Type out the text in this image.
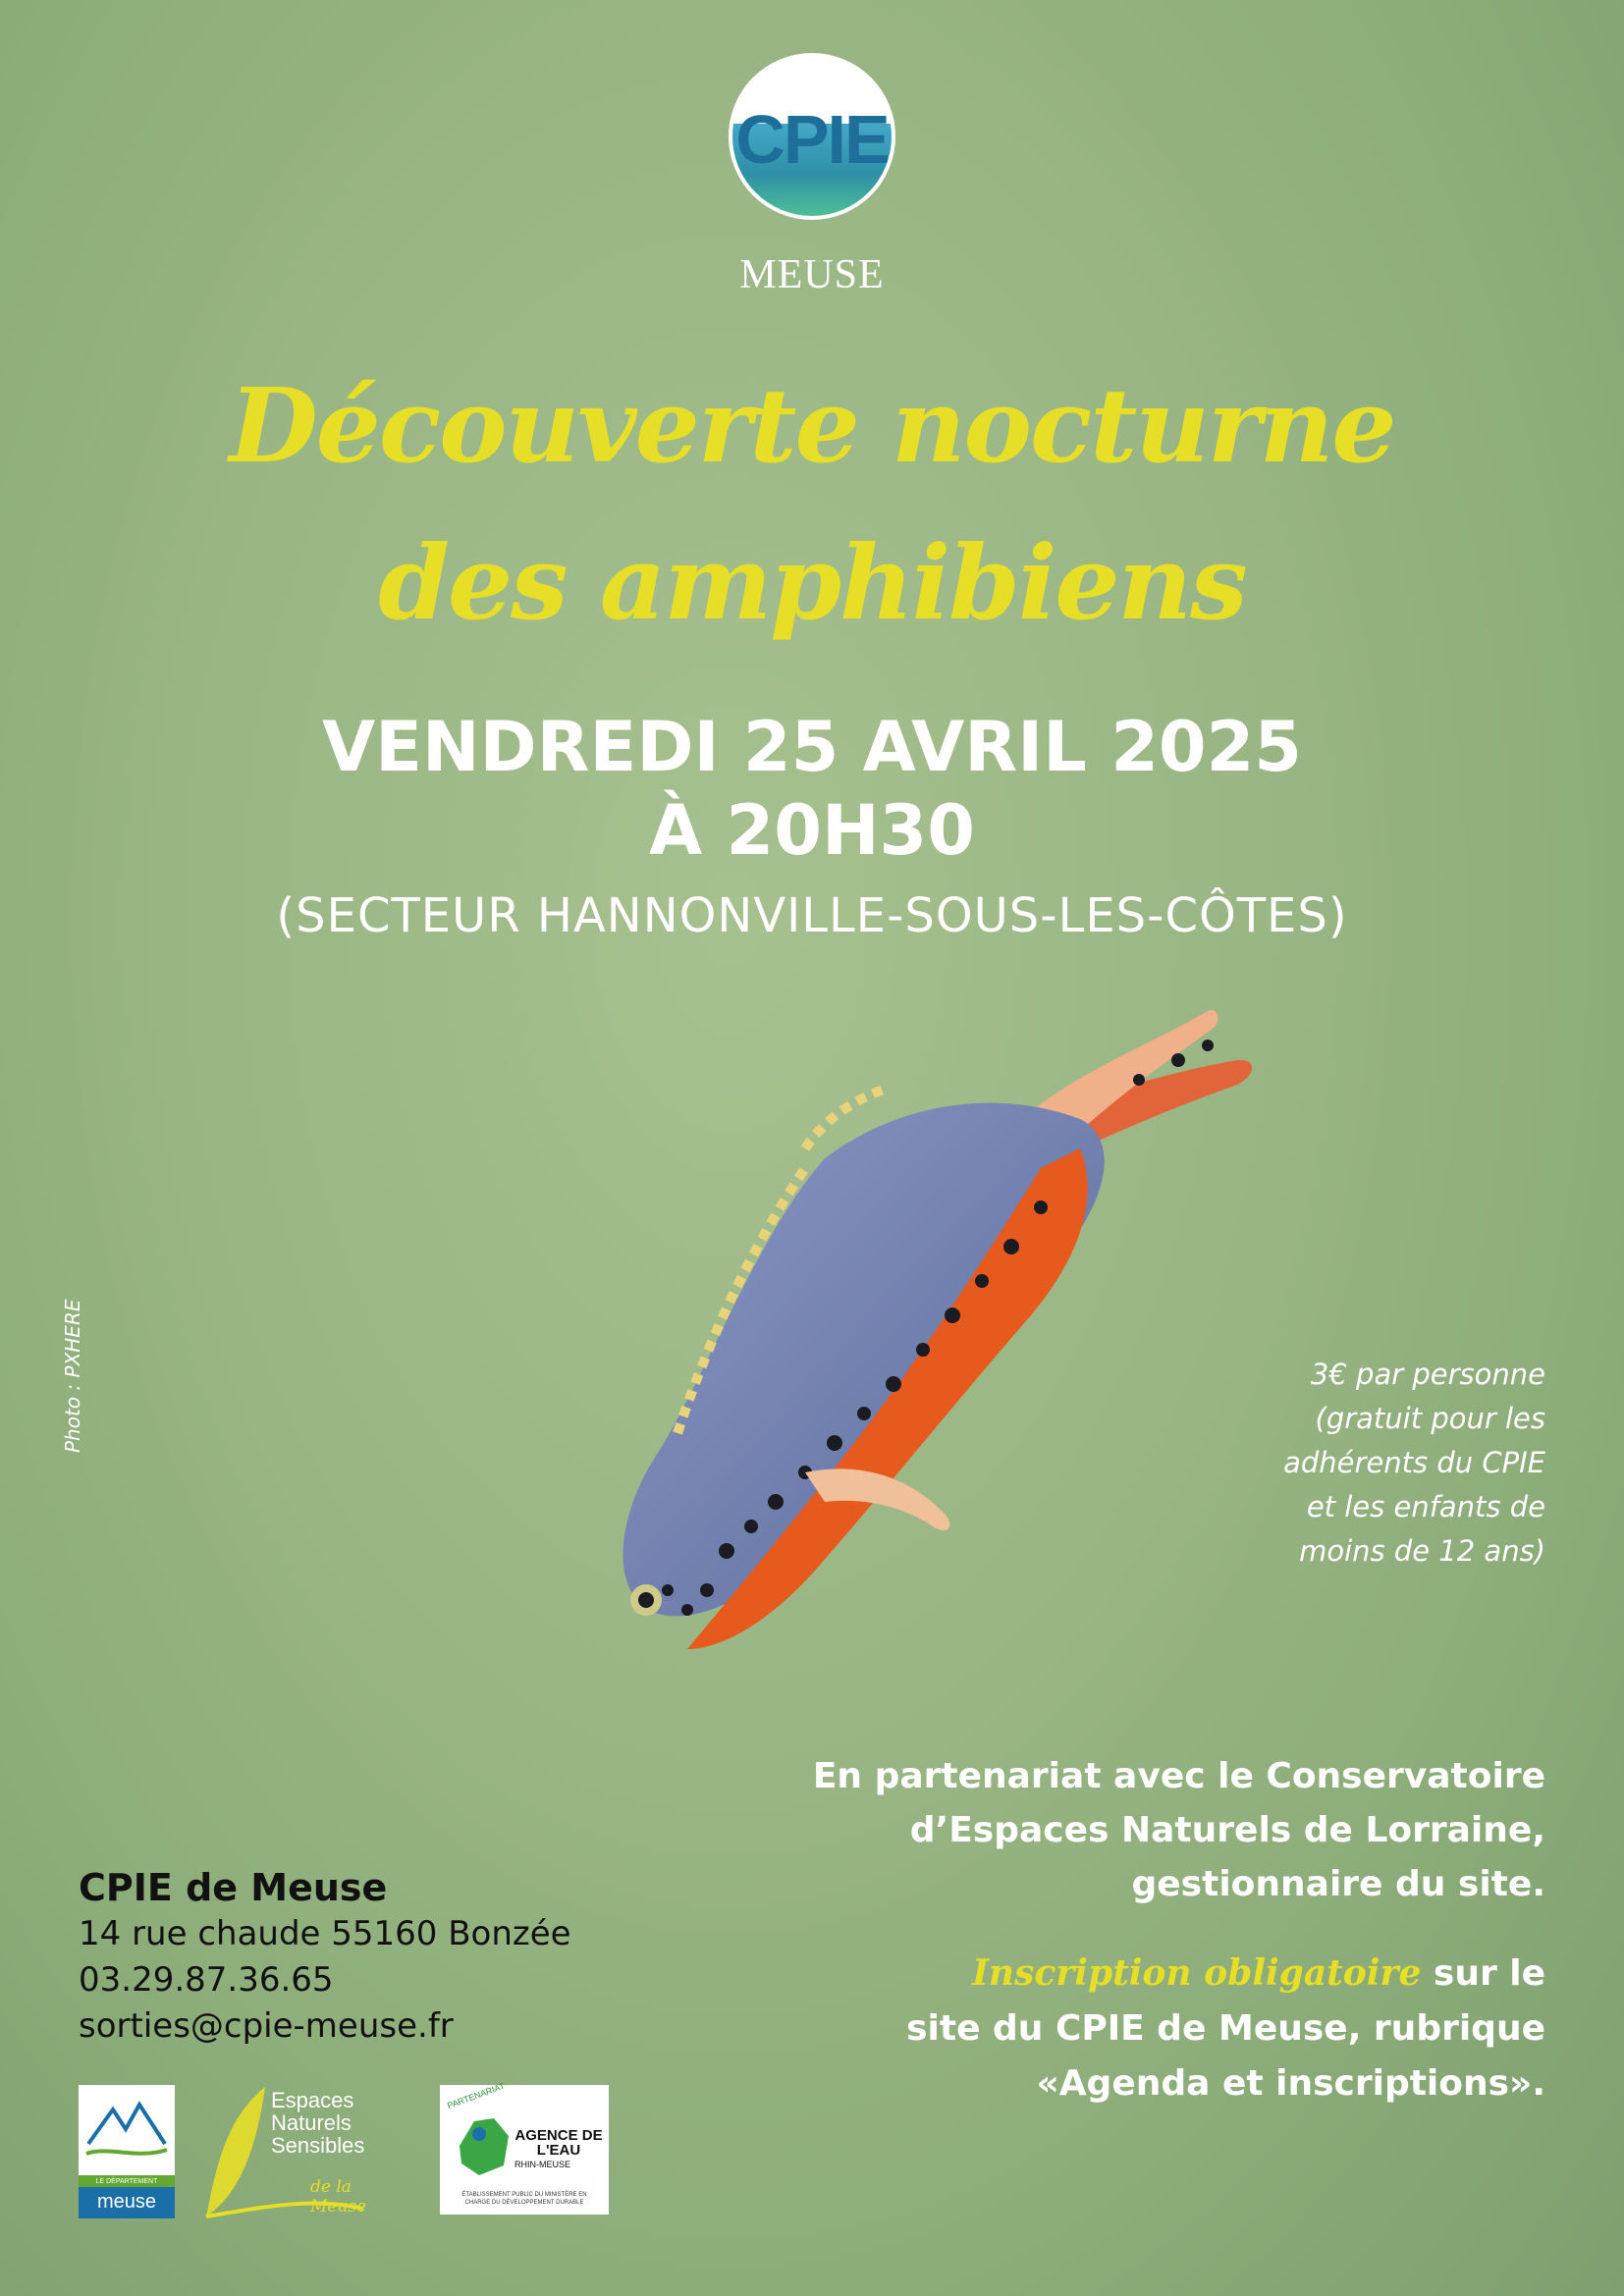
CPIE
MEUSE
Découverte nocturne
des amphibiens
VENDREDI 25 AVRIL 2025
À 20H30
(SECTEUR HANNONVILLE-SOUS-LES-CÔTES)
Photo : PXHERE	3€ par personne
(gratuit pour les
adhérents du CPIE
et les enfants de
moins de 12 ans)
En partenariat avec le Conservatoire
d’Espaces Naturels de Lorraine,
gestionnaire du site.
Inscription obligatoire sur le
site du CPIE de Meuse, rubrique
«Agenda et inscriptions».
CPIE de Meuse
14 rue chaude 55160 Bonzée
03.29.87.36.65
sorties@cpie-meuse.fr
LE DÉPARTEMENT
meuse
Espaces
Naturels
Sensibles
de la Meuse
PARTENARIAT
AGENCE DE L'EAU
RHIN-MEUSE
ÉTABLISSEMENT PUBLIC DU MINISTÈRE EN CHARGE DU DÉVELOPPEMENT DURABLE
